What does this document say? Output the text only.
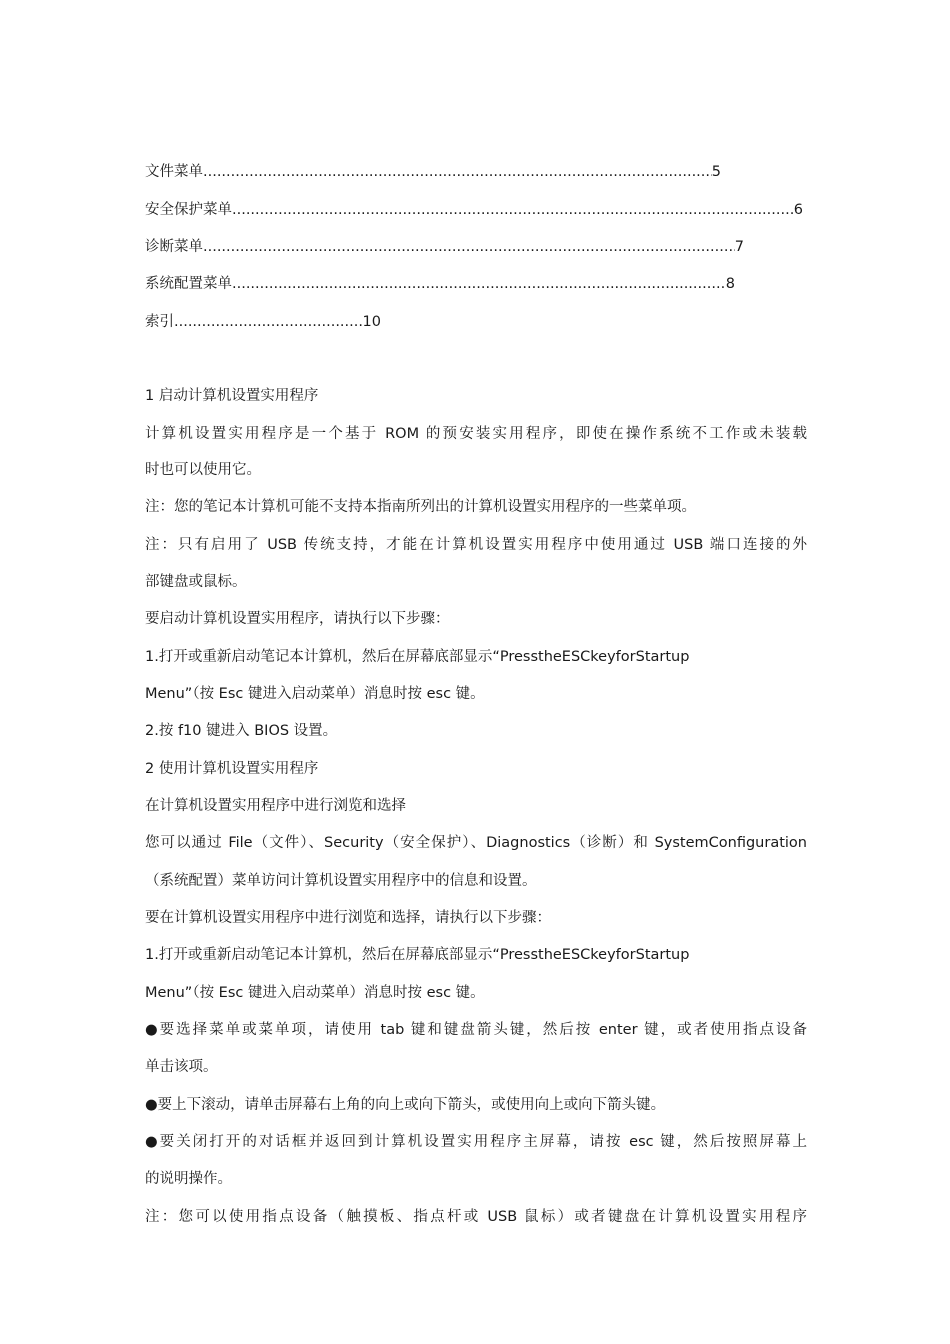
文件菜单 .....	5
安全保护菜单 .....	6
诊断菜单 .....	7
系统配置菜单 .....	8
索引 .....	10
1 启动计算机设置实用程序
计算机设置实用程序是一个基于 ROM 的预安装实用程序，即使在操作系统不工作或未装载
时也可以使用它。
注：您的笔记本计算机可能不支持本指南所列出的计算机设置实用程序的一些菜单项。
注：只有启用了 USB 传统支持，才能在计算机设置实用程序中使用通过 USB 端口连接的外
部键盘或鼠标。
要启动计算机设置实用程序，请执行以下步骤：
1.打开或重新启动笔记本计算机，然后在屏幕底部显示“PresstheESCkeyforStartup
Menu”（按 Esc 键进入启动菜单）消息时按 esc 键。
2.按 f10 键进入 BIOS 设置。
2 使用计算机设置实用程序
在计算机设置实用程序中进行浏览和选择
您可以通过 File（文件）、Security（安全保护）、Diagnostics（诊断）和 SystemConfiguration
（系统配置）菜单访问计算机设置实用程序中的信息和设置。
要在计算机设置实用程序中进行浏览和选择，请执行以下步骤：
1.打开或重新启动笔记本计算机，然后在屏幕底部显示“PresstheESCkeyforStartup
Menu”（按 Esc 键进入启动菜单）消息时按 esc 键。
●要选择菜单或菜单项，请使用 tab 键和键盘箭头键，然后按 enter 键，或者使用指点设备
单击该项。
●要上下滚动，请单击屏幕右上角的向上或向下箭头，或使用向上或向下箭头键。
●要关闭打开的对话框并返回到计算机设置实用程序主屏幕，请按 esc 键，然后按照屏幕上
的说明操作。
注：您可以使用指点设备（触摸板、指点杆或 USB 鼠标）或者键盘在计算机设置实用程序
